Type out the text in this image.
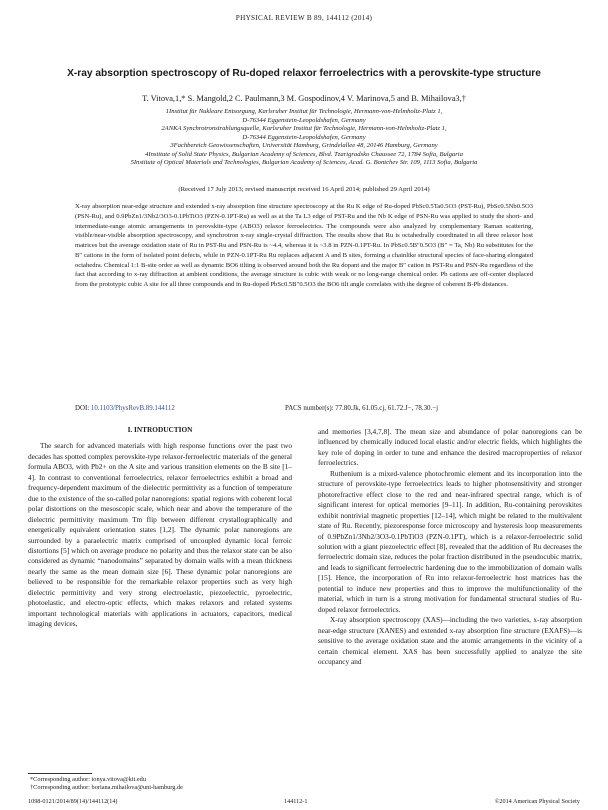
PHYSICAL REVIEW B 89, 144112 (2014)
X-ray absorption spectroscopy of Ru-doped relaxor ferroelectrics with a perovskite-type structure
T. Vitova,1,* S. Mangold,2 C. Paulmann,3 M. Gospodinov,4 V. Marinova,5 and B. Mihailova3,†

1Institut für Nukleare Entsorgung, Karlsruher Institut für Technologie, Hermann-von-Helmholtz-Platz 1,

D-76344 Eggenstein-Leopoldshafen, Germany

2ANKA Synchrotronstrahlungsquelle, Karlsruher Institut für Technologie, Hermann-von-Helmholtz-Platz 1,

D-76344 Eggenstein-Leopoldshafen, Germany

3Fachbereich Geowissenschaften, Universität Hamburg, Grindelallee 48, 20146 Hamburg, Germany

4Institute of Solid State Physics, Bulgarian Academy of Sciences, Blvd. Tzarigradsko Chaussee 72, 1784 Sofia, Bulgaria

5Institute of Optical Materials and Technologies, Bulgarian Academy of Sciences, Acad. G. Bontchev Str. 109, 1113 Sofia, Bulgaria

(Received 17 July 2013; revised manuscript received 16 April 2014; published 29 April 2014)

X-ray absorption near-edge structure and extended x-ray absorption fine structure spectroscopy at the Ru K edge of Ru-doped PbSc0.5Ta0.5O3 (PST-Ru), PbSc0.5Nb0.5O3 (PSN-Ru), and 0.9PbZn1/3Nb2/3O3-0.1PbTiO3 (PZN-0.1PT-Ru) as well as at the Ta L3 edge of PST-Ru and the Nb K edge of PSN-Ru was applied to study the short- and intermediate-range atomic arrangements in perovskite-type (ABO3) relaxor ferroelectrics. The compounds were also analyzed by complementary Raman scattering, visible/near-visible absorption spectroscopy, and synchrotron x-ray single-crystal diffraction. The results show that Ru is octahedrally coordinated in all three relaxor host matrices but the average oxidation state of Ru in PST-Ru and PSN-Ru is ~4.4, whereas it is ~3.8 in PZN-0.1PT-Ru. In PbSc0.5B″0.5O3 (B″ = Ta, Nb) Ru substitutes for the B″ cations in the form of isolated point defects, while in PZN-0.1PT-Ru Ru replaces adjacent A and B sites, forming a chainlike structural species of face-sharing elongated octahedra. Chemical 1:1 B-site order as well as dynamic BO6 tilting is observed around both the Ru dopant and the major B″ cation in PST-Ru and PSN-Ru regardless of the fact that according to x-ray diffraction at ambient conditions, the average structure is cubic with weak or no long-range chemical order. Pb cations are off-center displaced from the prototypic cubic A site for all three compounds and in Ru-doped PbSc0.5B″0.5O3 the BO6 tilt angle correlates with the degree of coherent B-Pb distances.

DOI: 10.1103/PhysRevB.89.144112	PACS number(s): 77.80.Jk, 61.05.cj, 61.72.J−, 78.30.−j
I. INTRODUCTION

The search for advanced materials with high response functions over the past two decades has spotted complex perovskite-type relaxor-ferroelectric materials of the general formula ABO3, with Pb2+ on the A site and various transition elements on the B site [1–4]. In contrast to conventional ferroelectrics, relaxor ferroelectrics exhibit a broad and frequency-dependent maximum of the dielectric permittivity as a function of temperature due to the existence of the so-called polar nanoregions: spatial regions with coherent local polar distortions on the mesoscopic scale, which near and above the temperature of the dielectric permittivity maximum Tm flip between different crystallographically and energetically equivalent orientation states [1,2]. The dynamic polar nanoregions are surrounded by a paraelectric matrix comprised of uncoupled dynamic local ferroic distortions [5] which on average produce no polarity and thus the relaxor state can be also considered as dynamic “nanodomains” separated by domain walls with a mean thickness nearly the same as the mean domain size [6]. These dynamic polar nanoregions are believed to be responsible for the remarkable relaxor properties such as very high dielectric permittivity and very strong electroelastic, piezoelectric, pyroelectric, photoelastic, and electro-optic effects, which makes relaxors and related systems important technological materials with applications in actuators, capacitors, medical imaging devices,

and memories [3,4,7,8]. The mean size and abundance of polar nanoregions can be influenced by chemically induced local elastic and/or electric fields, which highlights the key role of doping in order to tune and enhance the desired macroproperties of relaxor ferroelectrics.

Ruthenium is a mixed-valence photochromic element and its incorporation into the structure of perovskite-type ferroelectrics leads to higher photosensitivity and stronger photorefractive effect close to the red and near-infrared spectral range, which is of significant interest for optical memories [9–11]. In addition, Ru-containing perovskites exhibit nontrivial magnetic properties [12–14], which might be related to the multivalent state of Ru. Recently, piezoresponse force microscopy and hysteresis loop measurements of 0.9PbZn1/3Nb2/3O3-0.1PbTiO3 (PZN-0.1PT), which is a relaxor-ferroelectric solid solution with a giant piezoelectric effect [8], revealed that the addition of Ru decreases the ferroelectric domain size, reduces the polar fraction distributed in the pseudocubic matrix, and leads to significant ferroelectric hardening due to the immobilization of domain walls [15]. Hence, the incorporation of Ru into relaxor-ferroelectric host matrices has the potential to induce new properties and thus to improve the multifunctionality of the material, which in turn is a strong motivation for fundamental structural studies of Ru-doped relaxor ferroelectrics.

X-ray absorption spectroscopy (XAS)—including the two varieties, x-ray absorption near-edge structure (XANES) and extended x-ray absorption fine structure (EXAFS)—is sensitive to the average oxidation state and the atomic arrangements in the vicinity of a certain chemical element. XAS has been successfully applied to analyze the site occupancy and

*Corresponding author: tonya.vitova@kit.edu

†Corresponding author: boriana.mihailova@uni-hamburg.de

1098-0121/2014/89(14)/144112(14)	144112-1	©2014 American Physical Society
